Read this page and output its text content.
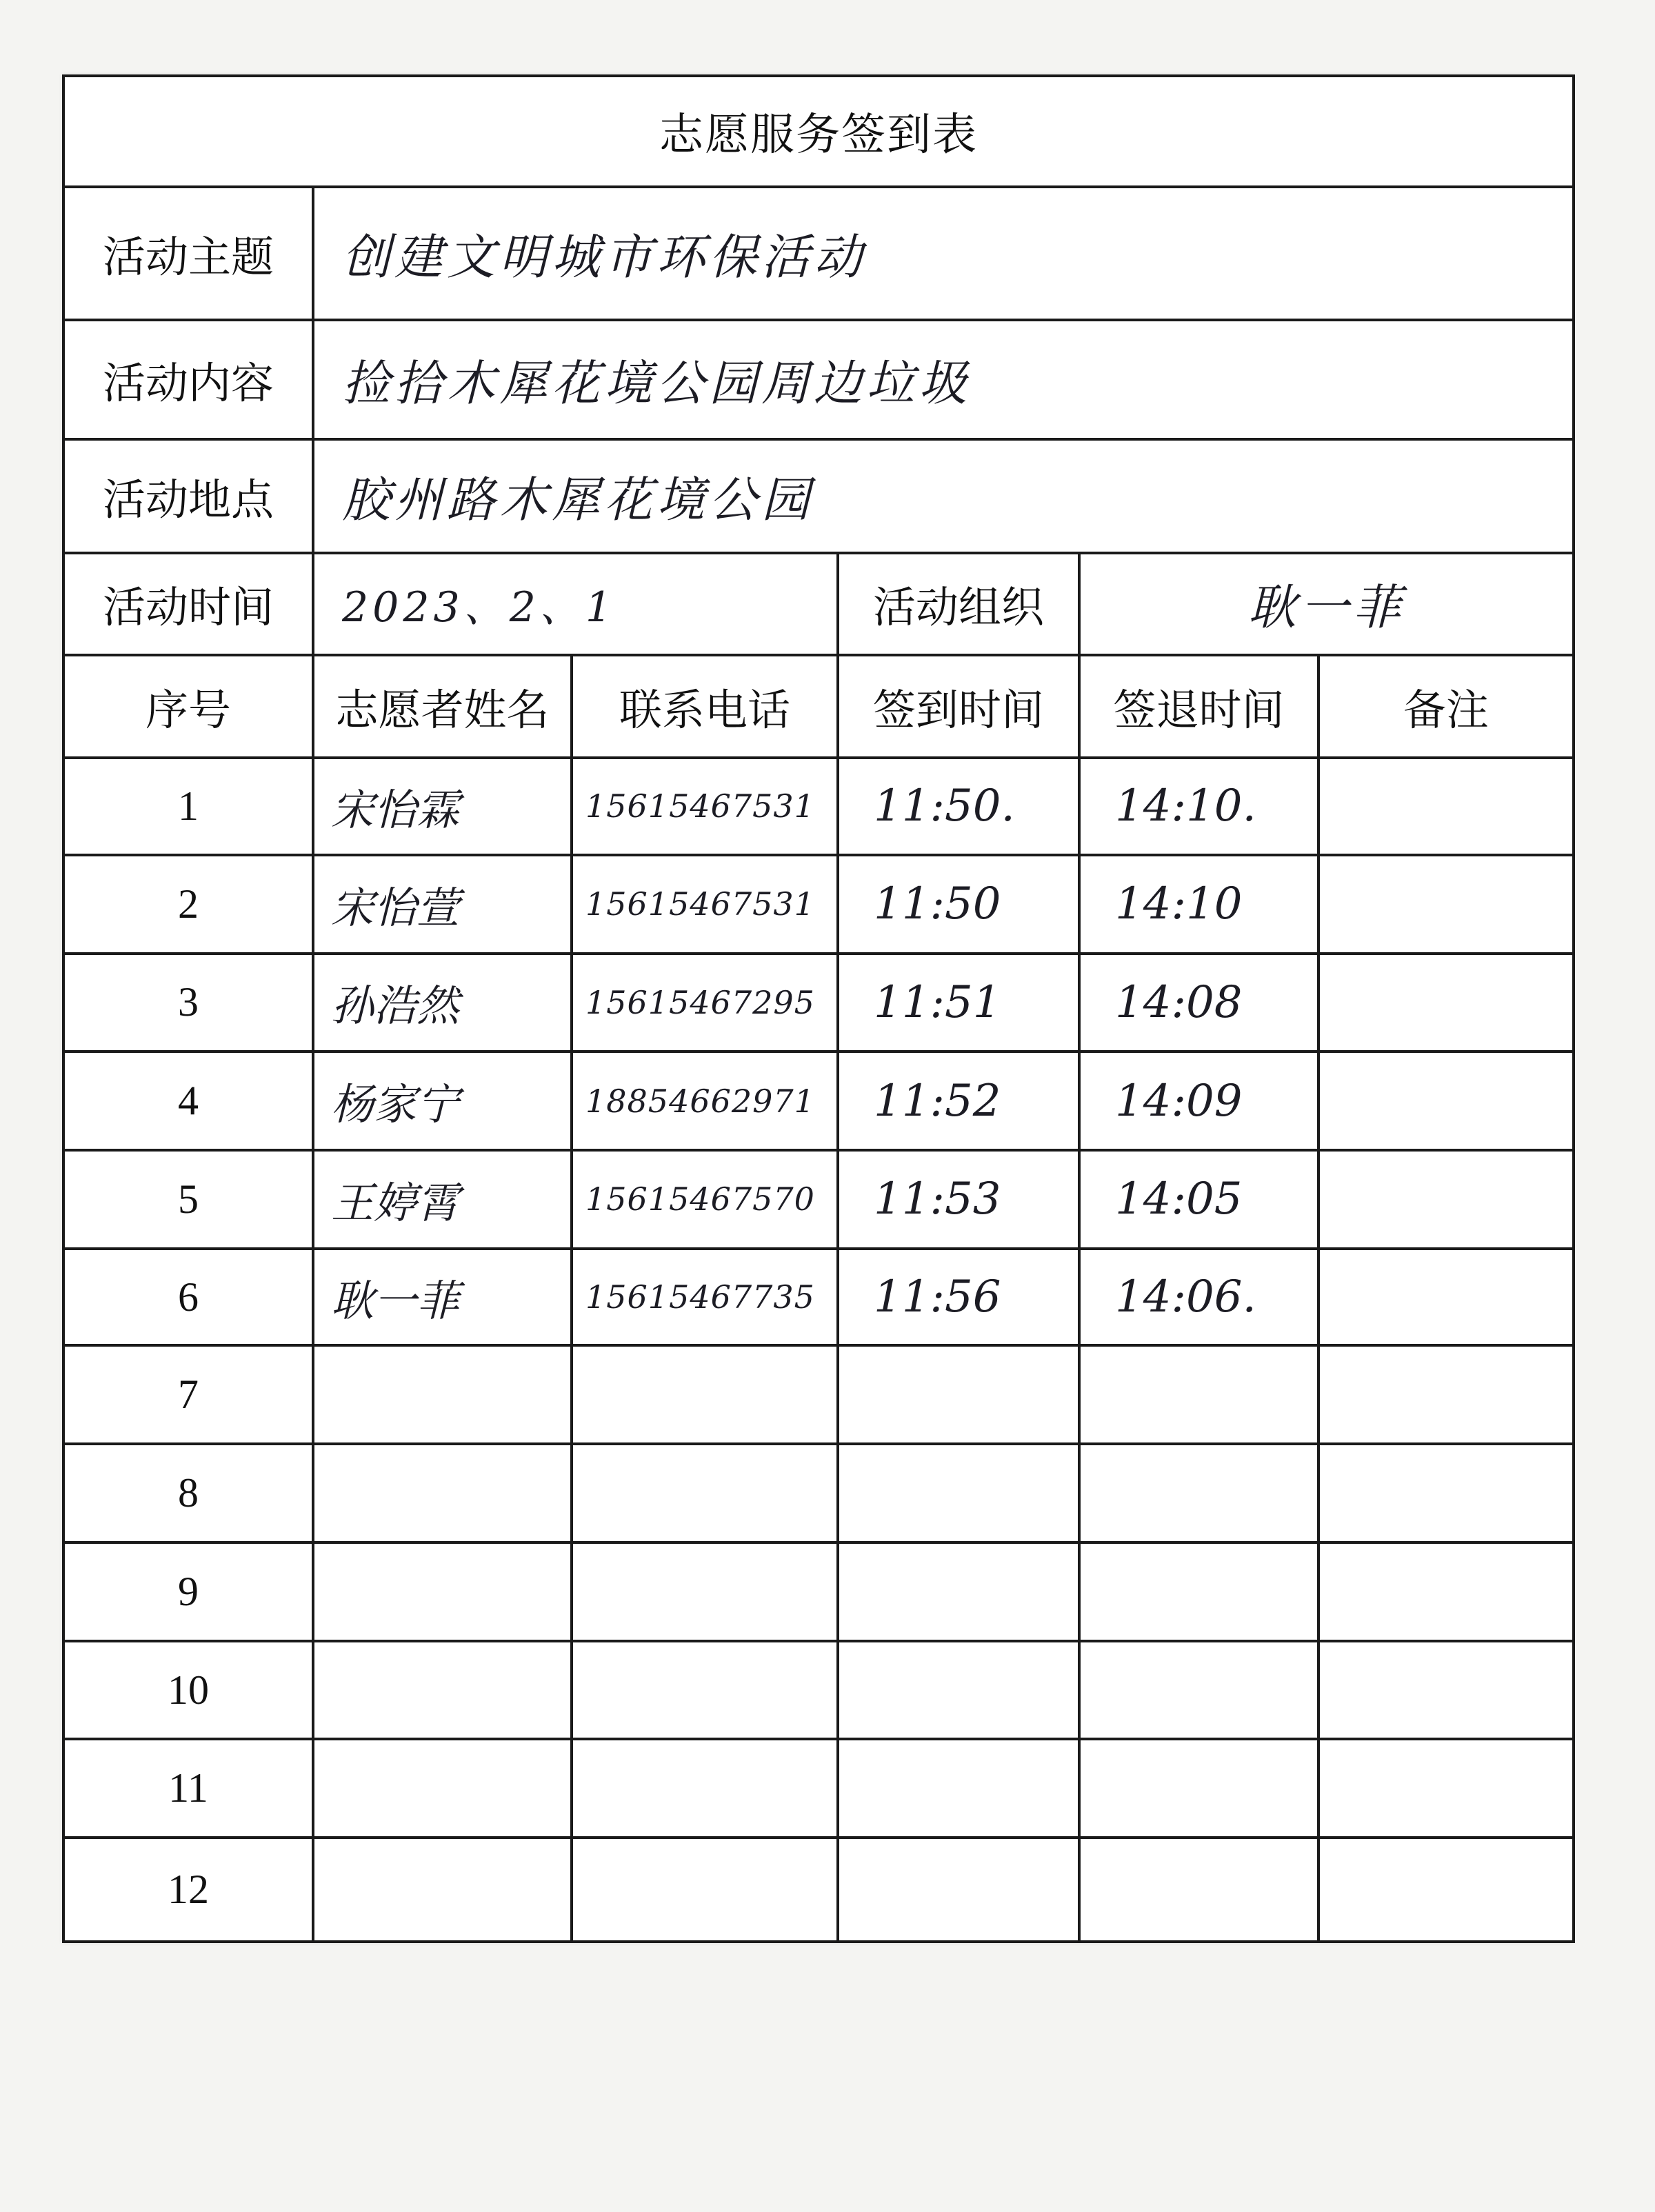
志愿服务签到表					
活动主题	创建文明城市环保活动				
活动内容	捡拾木犀花境公园周边垃圾				
活动地点	胶州路木犀花境公园				
活动时间	2023、2、1		活动组织	耿一菲	
序号	志愿者姓名	联系电话	签到时间	签退时间	备注
1	宋怡霖	15615467531	11:50.	14:10.	
2	宋怡萱	15615467531	11:50	14:10	
3	孙浩然	15615467295	11:51	14:08	
4	杨家宁	18854662971	11:52	14:09	
5	王婷霄	15615467570	11:53	14:05	
6	耿一菲	15615467735	11:56	14:06.	
7					
8					
9					
10					
11					
12					
